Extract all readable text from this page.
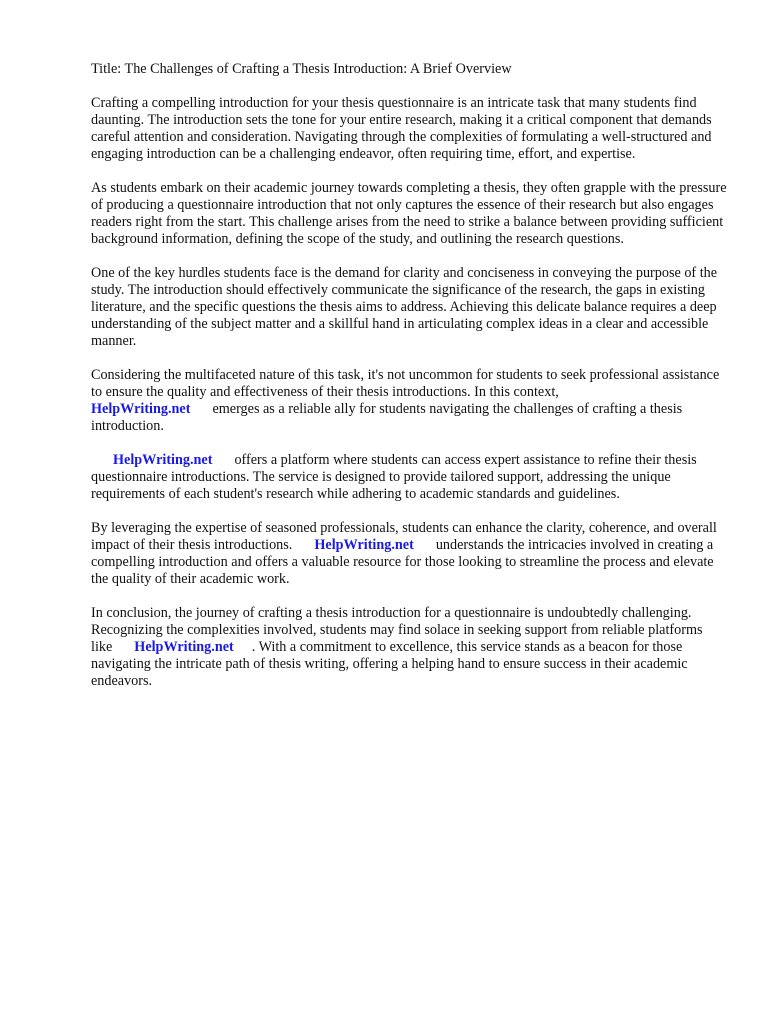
Title: The Challenges of Crafting a Thesis Introduction: A Brief Overview

Crafting a compelling introduction for your thesis questionnaire is an intricate task that many students find daunting. The introduction sets the tone for your entire research, making it a critical component that demands careful attention and consideration. Navigating through the complexities of formulating a well-structured and engaging introduction can be a challenging endeavor, often requiring time, effort, and expertise.

As students embark on their academic journey towards completing a thesis, they often grapple with the pressure of producing a questionnaire introduction that not only captures the essence of their research but also engages readers right from the start. This challenge arises from the need to strike a balance between providing sufficient background information, defining the scope of the study, and outlining the research questions.

One of the key hurdles students face is the demand for clarity and conciseness in conveying the purpose of the study. The introduction should effectively communicate the significance of the research, the gaps in existing literature, and the specific questions the thesis aims to address. Achieving this delicate balance requires a deep understanding of the subject matter and a skillful hand in articulating complex ideas in a clear and accessible manner.

Considering the multifaceted nature of this task, it's not uncommon for students to seek professional assistance to ensure the quality and effectiveness of their thesis introductions. In this context,
HelpWriting.net emerges as a reliable ally for students navigating the challenges of crafting a thesis introduction.

HelpWriting.net offers a platform where students can access expert assistance to refine their thesis questionnaire introductions. The service is designed to provide tailored support, addressing the unique requirements of each student's research while adhering to academic standards and guidelines.

By leveraging the expertise of seasoned professionals, students can enhance the clarity, coherence, and overall impact of their thesis introductions. HelpWriting.net understands the intricacies involved in creating a compelling introduction and offers a valuable resource for those looking to streamline the process and elevate the quality of their academic work.

In conclusion, the journey of crafting a thesis introduction for a questionnaire is undoubtedly challenging. Recognizing the complexities involved, students may find solace in seeking support from reliable platforms like HelpWriting.net . With a commitment to excellence, this service stands as a beacon for those navigating the intricate path of thesis writing, offering a helping hand to ensure success in their academic endeavors.
